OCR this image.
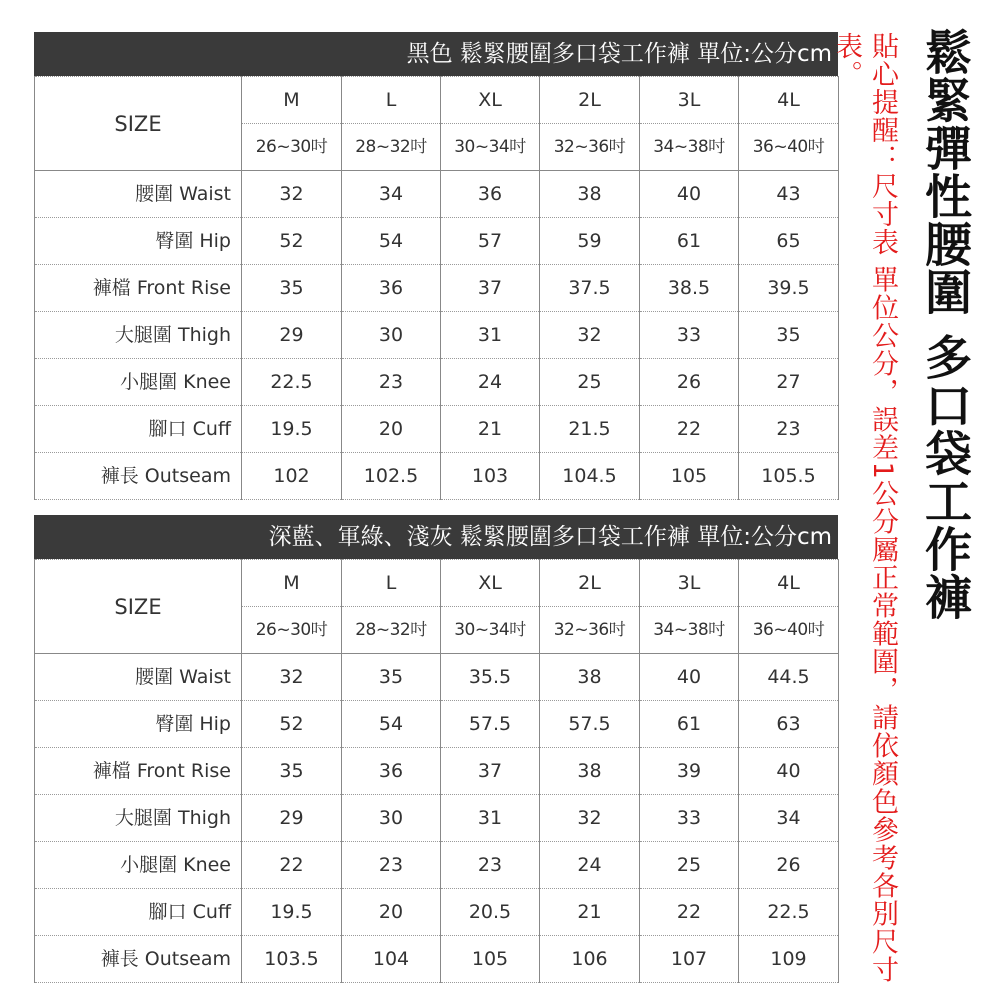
黑色 鬆緊腰圍多口袋工作褲 單位:公分cm
SIZE	M	L	XL	2L	3L	4L
	26~30吋	28~32吋	30~34吋	32~36吋	34~38吋	36~40吋
腰圍 Waist	32	34	36	38	40	43
臀圍 Hip	52	54	57	59	61	65
褲檔 Front Rise	35	36	37	37.5	38.5	39.5
大腿圍 Thigh	29	30	31	32	33	35
小腿圍 Knee	22.5	23	24	25	26	27
腳口 Cuff	19.5	20	21	21.5	22	23
褲長 Outseam	102	102.5	103	104.5	105	105.5
深藍、軍綠、淺灰 鬆緊腰圍多口袋工作褲 單位:公分cm
SIZE	M	L	XL	2L	3L	4L
	26~30吋	28~32吋	30~34吋	32~36吋	34~38吋	36~40吋
腰圍 Waist	32	35	35.5	38	40	44.5
臀圍 Hip	52	54	57.5	57.5	61	63
褲檔 Front Rise	35	36	37	38	39	40
大腿圍 Thigh	29	30	31	32	33	34
小腿圍 Knee	22	23	23	24	25	26
腳口 Cuff	19.5	20	20.5	21	22	22.5
褲長 Outseam	103.5	104	105	106	107	109 貼心提醒：尺寸表 單位公分，誤差1公分屬正常範圍，請依顏色參考各別尺寸表。	鬆緊彈性腰圍 多口袋工作褲
